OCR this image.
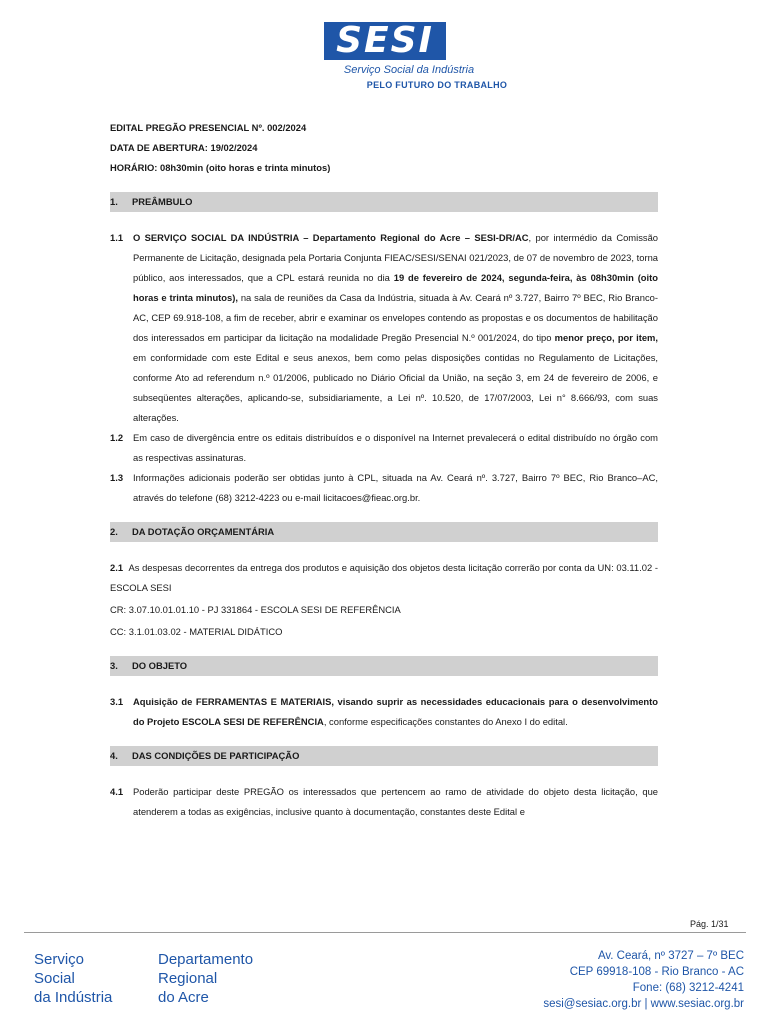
SESI
Serviço Social da Indústria
PELO FUTURO DO TRABALHO
EDITAL PREGÃO PRESENCIAL Nº. 002/2024
DATA DE ABERTURA: 19/02/2024
HORÁRIO: 08h30min (oito horas e trinta minutos)
1. PREÂMBULO
1.1	O SERVIÇO SOCIAL DA INDÚSTRIA – Departamento Regional do Acre – SESI-DR/AC, por intermédio da Comissão Permanente de Licitação, designada pela Portaria Conjunta FIEAC/SESI/SENAI 021/2023, de 07 de novembro de 2023, torna público, aos interessados, que a CPL estará reunida no dia 19 de fevereiro de 2024, segunda-feira, às 08h30min (oito horas e trinta minutos), na sala de reuniões da Casa da Indústria, situada à Av. Ceará nº 3.727, Bairro 7º BEC, Rio Branco-AC, CEP 69.918-108, a fim de receber, abrir e examinar os envelopes contendo as propostas e os documentos de habilitação dos interessados em participar da licitação na modalidade Pregão Presencial N.º 001/2024, do tipo menor preço, por item, em conformidade com este Edital e seus anexos, bem como pelas disposições contidas no Regulamento de Licitações, conforme Ato ad referendum n.º 01/2006, publicado no Diário Oficial da União, na seção 3, em 24 de fevereiro de 2006, e subseqüentes alterações, aplicando-se, subsidiariamente, a Lei nº. 10.520, de 17/07/2003, Lei n° 8.666/93, com suas alterações.
1.2	Em caso de divergência entre os editais distribuídos e o disponível na Internet prevalecerá o edital distribuído no órgão com as respectivas assinaturas.
1.3	Informações adicionais poderão ser obtidas junto à CPL, situada na Av. Ceará nº. 3.727, Bairro 7º BEC, Rio Branco–AC, através do telefone (68) 3212-4223 ou e-mail licitacoes@fieac.org.br.
2. DA DOTAÇÃO ORÇAMENTÁRIA
2.1 As despesas decorrentes da entrega dos produtos e aquisição dos objetos desta licitação correrão por conta da UN: 03.11.02 - ESCOLA SESI
CR: 3.07.10.01.01.10 - PJ 331864 - ESCOLA SESI DE REFERÊNCIA
CC: 3.1.01.03.02 - MATERIAL DIDÁTICO
3. DO OBJETO
3.1	Aquisição de FERRAMENTAS E MATERIAIS, visando suprir as necessidades educacionais para o desenvolvimento do Projeto ESCOLA SESI DE REFERÊNCIA, conforme especificações constantes do Anexo I do edital.
4. DAS CONDIÇÕES DE PARTICIPAÇÃO
4.1	Poderão participar deste PREGÃO os interessados que pertencem ao ramo de atividade do objeto desta licitação, que atenderem a todas as exigências, inclusive quanto à documentação, constantes deste Edital e
Pág. 1/31
Serviço
Social
da Indústria
Departamento
Regional
do Acre
Av. Ceará, nº 3727 – 7º BEC
CEP 69918-108 - Rio Branco - AC
Fone: (68) 3212-4241
sesi@sesiac.org.br | www.sesiac.org.br
